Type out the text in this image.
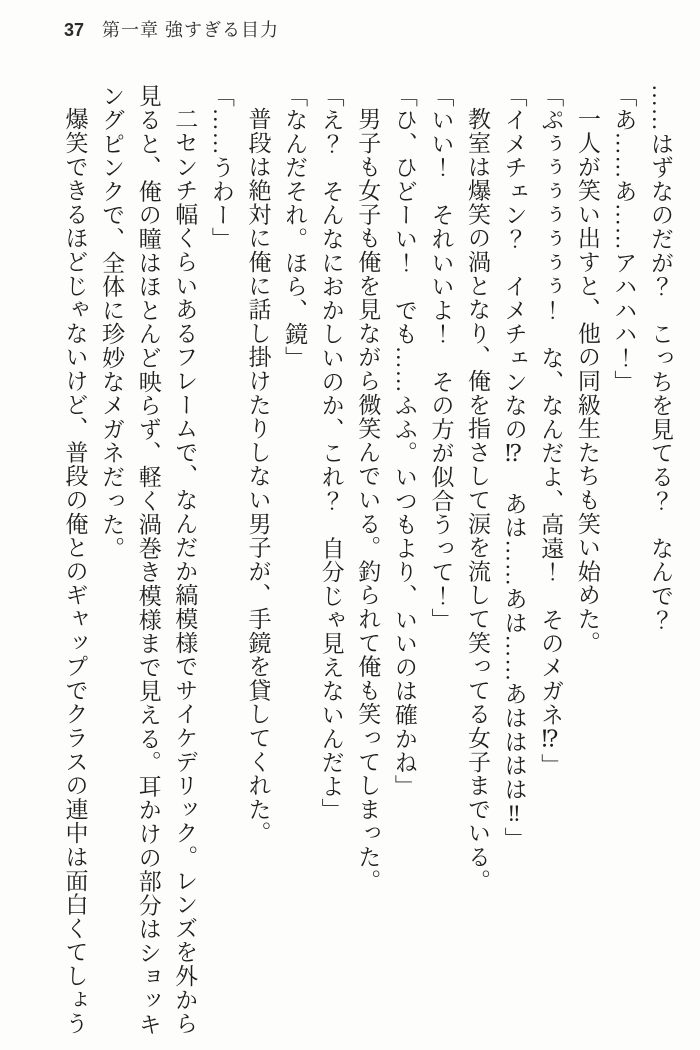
37 第一章 強すぎる目力

……はずなのだが？　こっちを見てる？　なんで？

「あ……あ……アハハハ！」

一人が笑い出すと、他の同級生たちも笑い始めた。

「ぷぅぅぅぅぅぅぅ！　な、なんだよ、高遠！　そのメガネ⁉」

「イメチェン？　イメチェンなの⁉　あは……あは……あはははは‼」

教室は爆笑の渦となり、俺を指さして涙を流して笑ってる女子までいる。

「いい！　それいいよ！　その方が似合うって！」

「ひ、ひどーい！　でも……ふふ。いつもより、いいのは確かね」

男子も女子も俺を見ながら微笑んでいる。釣られて俺も笑ってしまった。

「え？　そんなにおかしいのか、これ？　自分じゃ見えないんだよ」

「なんだそれ。ほら、鏡」

普段は絶対に俺に話し掛けたりしない男子が、手鏡を貸してくれた。

「……うわー」

二センチ幅くらいあるフレームで、なんだか縞模様でサイケデリック。レンズを外から

見ると、俺の瞳はほとんど映らず、軽く渦巻き模様まで見える。耳かけの部分はショッキ

ングピンクで、全体に珍妙なメガネだった。

爆笑できるほどじゃないけど、普段の俺とのギャップでクラスの連中は面白くてしょう
